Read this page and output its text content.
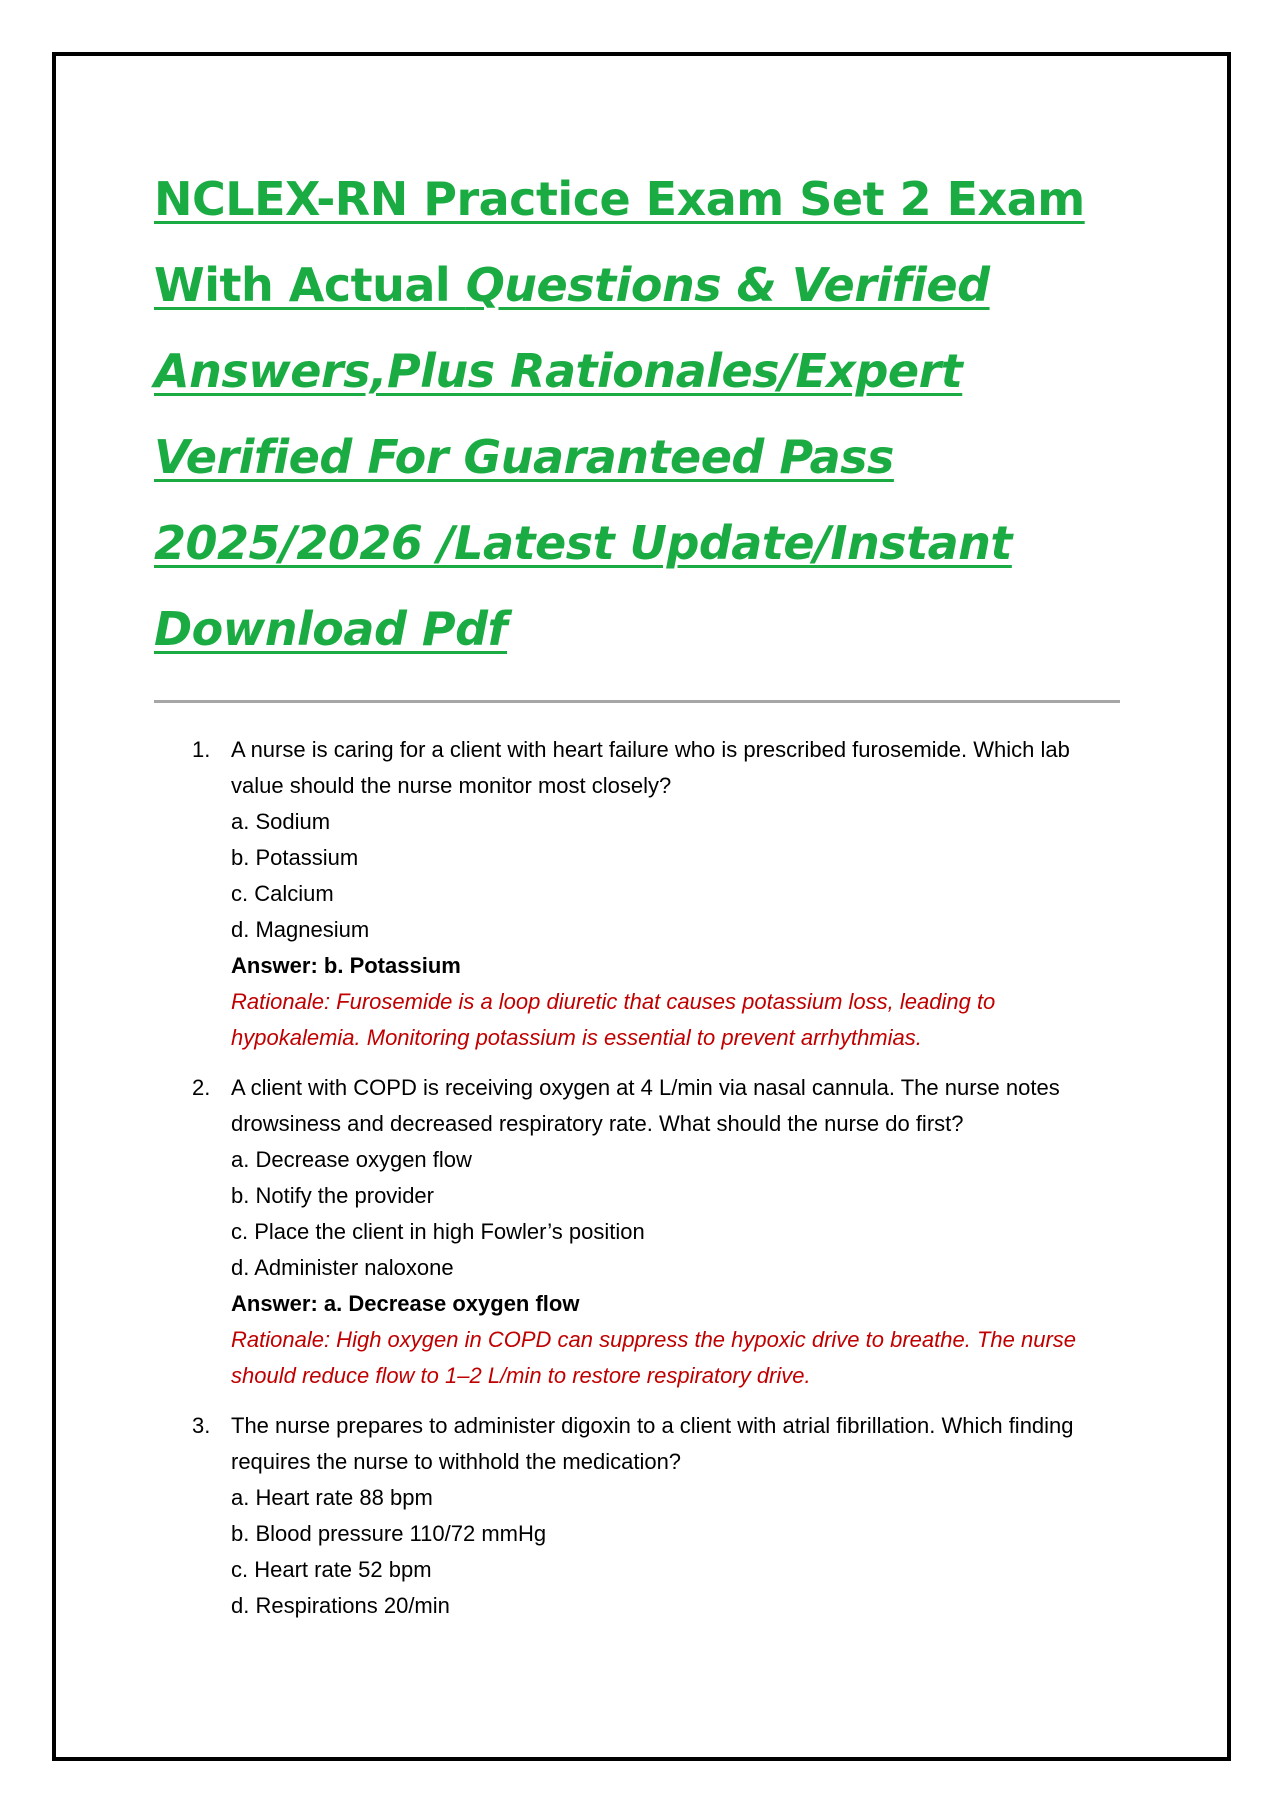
NCLEX-RN Practice Exam Set 2 Exam
With Actual Questions & Verified
Answers,Plus Rationales/Expert
Verified For Guaranteed Pass
2025/2026 /Latest Update/Instant
Download Pdf
1. A nurse is caring for a client with heart failure who is prescribed furosemide. Which lab value should the nurse monitor most closely?
a. Sodium
b. Potassium
c. Calcium
d. Magnesium
Answer: b. Potassium
Rationale: Furosemide is a loop diuretic that causes potassium loss, leading to hypokalemia. Monitoring potassium is essential to prevent arrhythmias.
2. A client with COPD is receiving oxygen at 4 L/min via nasal cannula. The nurse notes drowsiness and decreased respiratory rate. What should the nurse do first?
a. Decrease oxygen flow
b. Notify the provider
c. Place the client in high Fowler’s position
d. Administer naloxone
Answer: a. Decrease oxygen flow
Rationale: High oxygen in COPD can suppress the hypoxic drive to breathe. The nurse should reduce flow to 1–2 L/min to restore respiratory drive.
3. The nurse prepares to administer digoxin to a client with atrial fibrillation. Which finding requires the nurse to withhold the medication?
a. Heart rate 88 bpm
b. Blood pressure 110/72 mmHg
c. Heart rate 52 bpm
d. Respirations 20/min
